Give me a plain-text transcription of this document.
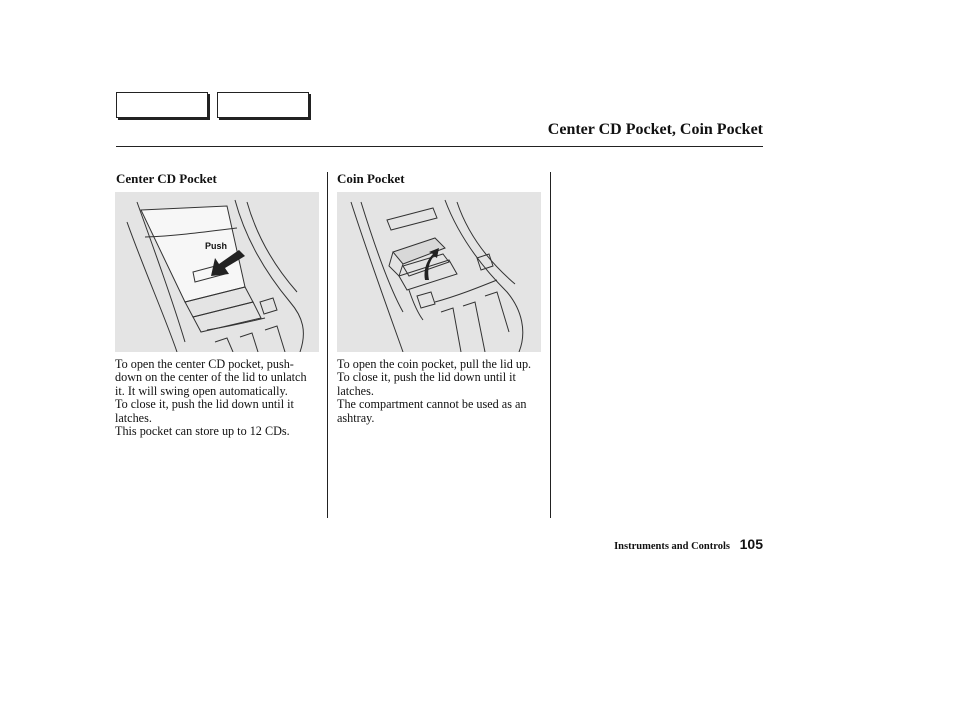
Center CD Pocket, Coin Pocket
Center CD Pocket	Coin Pocket
Push

To open the center CD pocket, push- down on the center of the lid to unlatch it. It will swing open automatically.

To close it, push the lid down until it latches.

This pocket can store up to 12 CDs.

To open the coin pocket, pull the lid up.

To close it, push the lid down until it latches.

The compartment cannot be used as an ashtray.

Instruments and Controls 105
